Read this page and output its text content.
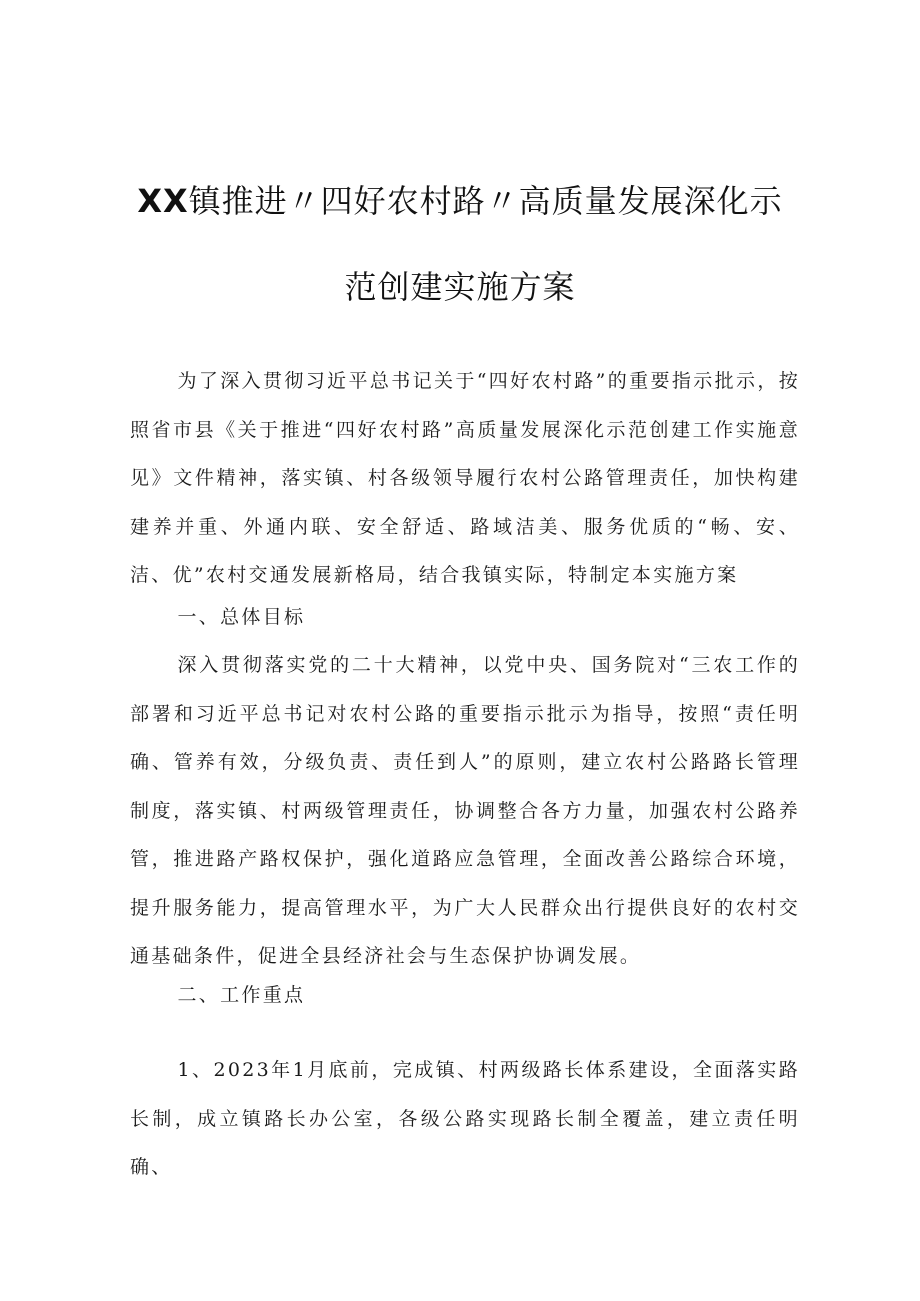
XX镇推进〃四好农村路〃高质量发展深化示
范创建实施方案

为了深入贯彻习近平总书记关于“四好农村路”的重要指示批示，按照省市县《关于推进“四好农村路”高质量发展深化示范创建工作实施意见》文件精神，落实镇、村各级领导履行农村公路管理责任，加快构建建养并重、外通内联、安全舒适、路域洁美、服务优质的“畅、安、洁、优”农村交通发展新格局，结合我镇实际，特制定本实施方案

一、总体目标

深入贯彻落实党的二十大精神，以党中央、国务院对“三农工作的部署和习近平总书记对农村公路的重要指示批示为指导，按照“责任明确、管养有效，分级负责、责任到人”的原则，建立农村公路路长管理制度，落实镇、村两级管理责任，协调整合各方力量，加强农村公路养管，推进路产路权保护，强化道路应急管理，全面改善公路综合环境，提升服务能力，提高管理水平，为广大人民群众出行提供良好的农村交通基础条件，促进全县经济社会与生态保护协调发展。

二、工作重点

1、2023年1月底前，完成镇、村两级路长体系建设，全面落实路长制，成立镇路长办公室，各级公路实现路长制全覆盖，建立责任明确、
